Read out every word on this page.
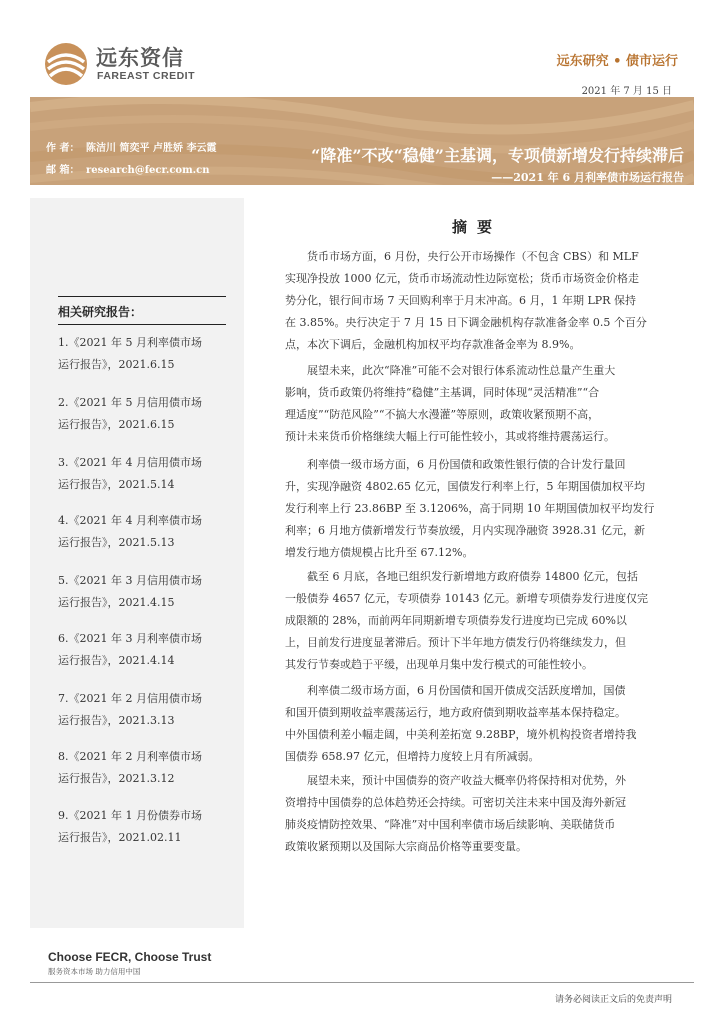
远东资信
FAREAST CREDIT
远东研究 • 债市运行
2021 年 7 月 15 日
作 者： 陈洁川 简奕平 卢胜娇 李云霞
邮 箱： research@fecr.com.cn
“降准”不改“稳健”主基调，专项债新增发行持续滞后
——2021 年 6 月利率债市场运行报告
相关研究报告：
1.《2021 年 5 月利率债市场
运行报告》，2021.6.15
2.《2021 年 5 月信用债市场
运行报告》，2021.6.15
3.《2021 年 4 月信用债市场
运行报告》，2021.5.14
4.《2021 年 4 月利率债市场
运行报告》，2021.5.13
5.《2021 年 3 月信用债市场
运行报告》，2021.4.15
6.《2021 年 3 月利率债市场
运行报告》，2021.4.14
7.《2021 年 2 月信用债市场
运行报告》，2021.3.13
8.《2021 年 2 月利率债市场
运行报告》，2021.3.12
9.《2021 年 1 月份债券市场
运行报告》，2021.02.11
摘要
货币市场方面，6 月份，央行公开市场操作（不包含 CBS）和 MLF
实现净投放 1000 亿元，货币市场流动性边际宽松；货币市场资金价格走
势分化，银行间市场 7 天回购利率于月末冲高。6 月，1 年期 LPR 保持
在 3.85%。央行决定于 7 月 15 日下调金融机构存款准备金率 0.5 个百分
点，本次下调后，金融机构加权平均存款准备金率为 8.9%。
展望未来，此次“降准”可能不会对银行体系流动性总量产生重大
影响，货币政策仍将维持“稳健”主基调，同时体现“灵活精准”“合
理适度”“防范风险”“不搞大水漫灌”等原则，政策收紧预期不高，
预计未来货币价格继续大幅上行可能性较小，其或将维持震荡运行。
利率债一级市场方面，6 月份国债和政策性银行债的合计发行量回
升，实现净融资 4802.65 亿元，国债发行利率上行，5 年期国债加权平均
发行利率上行 23.86BP 至 3.1206%，高于同期 10 年期国债加权平均发行
利率；6 月地方债新增发行节奏放缓，月内实现净融资 3928.31 亿元，新
增发行地方债规模占比升至 67.12%。
截至 6 月底，各地已组织发行新增地方政府债券 14800 亿元，包括
一般债券 4657 亿元，专项债券 10143 亿元。新增专项债券发行进度仅完
成限额的 28%，而前两年同期新增专项债券发行进度均已完成 60%以
上，目前发行进度显著滞后。预计下半年地方债发行仍将继续发力，但
其发行节奏或趋于平缓，出现单月集中发行模式的可能性较小。
利率债二级市场方面，6 月份国债和国开债成交活跃度增加，国债
和国开债到期收益率震荡运行，地方政府债到期收益率基本保持稳定。
中外国债利差小幅走阔，中美利差拓宽 9.28BP，境外机构投资者增持我
国债券 658.97 亿元，但增持力度较上月有所减弱。
展望未来，预计中国债券的资产收益大概率仍将保持相对优势，外
资增持中国债券的总体趋势还会持续。可密切关注未来中国及海外新冠
肺炎疫情防控效果、“降准”对中国利率债市场后续影响、美联储货币
政策收紧预期以及国际大宗商品价格等重要变量。
Choose FECR, Choose Trust
服务资本市场 助力信用中国
请务必阅读正文后的免责声明
